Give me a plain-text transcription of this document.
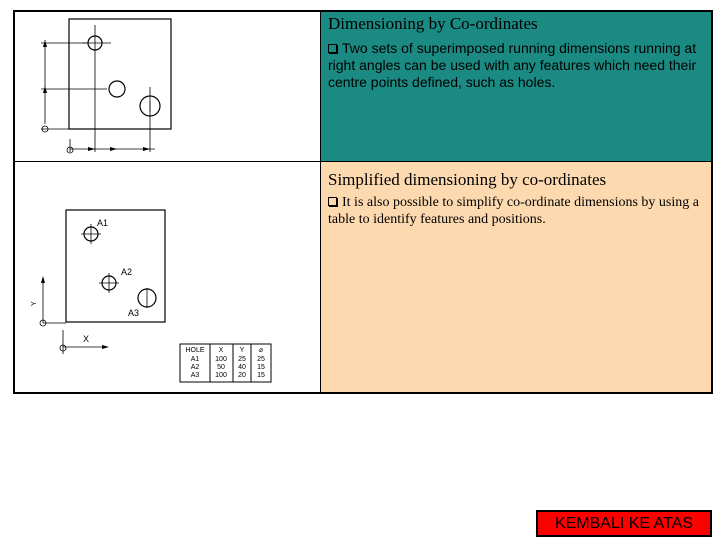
Dimensioning by Co-ordinates
Two sets of superimposed running dimensions running at right angles can be used with any features which need their centre points defined, such as holes.
A1
A2
A3
X
Y
HOLE X Y ⌀
A1 100 25 25
A2	50 40 15
A3 100 20 15
Simplified dimensioning by co-ordinates
It is also possible to simplify co-ordinate dimensions by using a table to identify features and positions.
KEMBALI KE ATAS
